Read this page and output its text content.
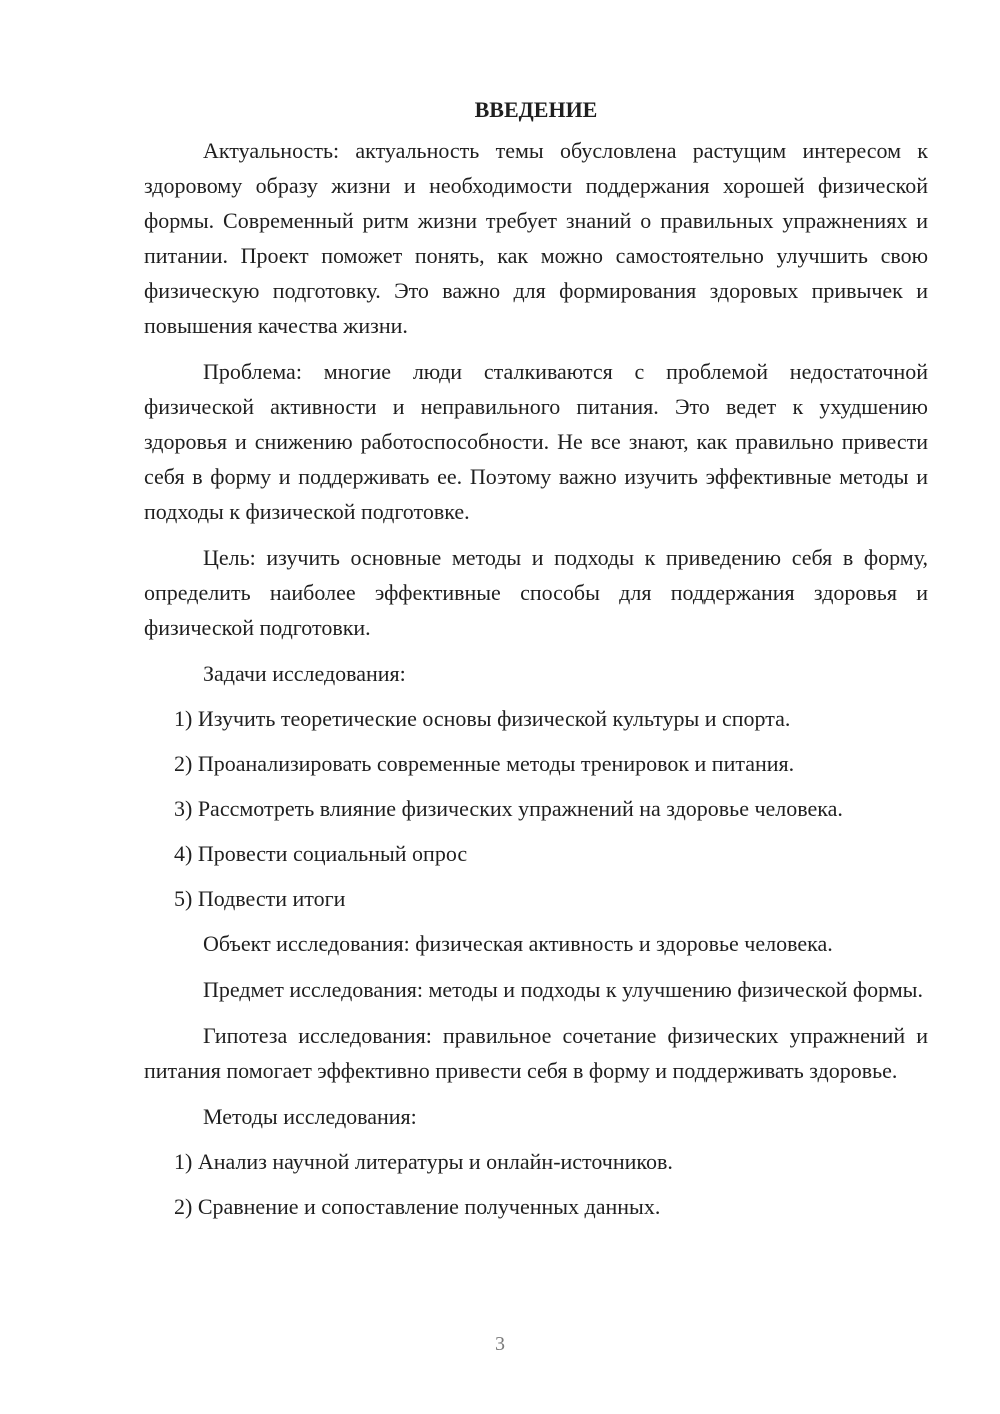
ВВЕДЕНИЕ

Актуальность: актуальность темы обусловлена растущим интересом к здоровому образу жизни и необходимости поддержания хорошей физической формы. Современный ритм жизни требует знаний о правильных упражнениях и питании. Проект поможет понять, как можно самостоятельно улучшить свою физическую подготовку. Это важно для формирования здоровых привычек и повышения качества жизни.

Проблема: многие люди сталкиваются с проблемой недостаточной физической активности и неправильного питания. Это ведет к ухудшению здоровья и снижению работоспособности. Не все знают, как правильно привести себя в форму и поддерживать ее. Поэтому важно изучить эффективные методы и подходы к физической подготовке.

Цель: изучить основные методы и подходы к приведению себя в форму, определить наиболее эффективные способы для поддержания здоровья и физической подготовки.

Задачи исследования:
1) Изучить теоретические основы физической культуры и спорта.
2) Проанализировать современные методы тренировок и питания.
3) Рассмотреть влияние физических упражнений на здоровье человека.
4) Провести социальный опрос
5) Подвести итоги

Объект исследования: физическая активность и здоровье человека.

Предмет исследования: методы и подходы к улучшению физической формы.

Гипотеза исследования: правильное сочетание физических упражнений и питания помогает эффективно привести себя в форму и поддерживать здоровье.

Методы исследования:
1) Анализ научной литературы и онлайн-источников.
2) Сравнение и сопоставление полученных данных.
3
